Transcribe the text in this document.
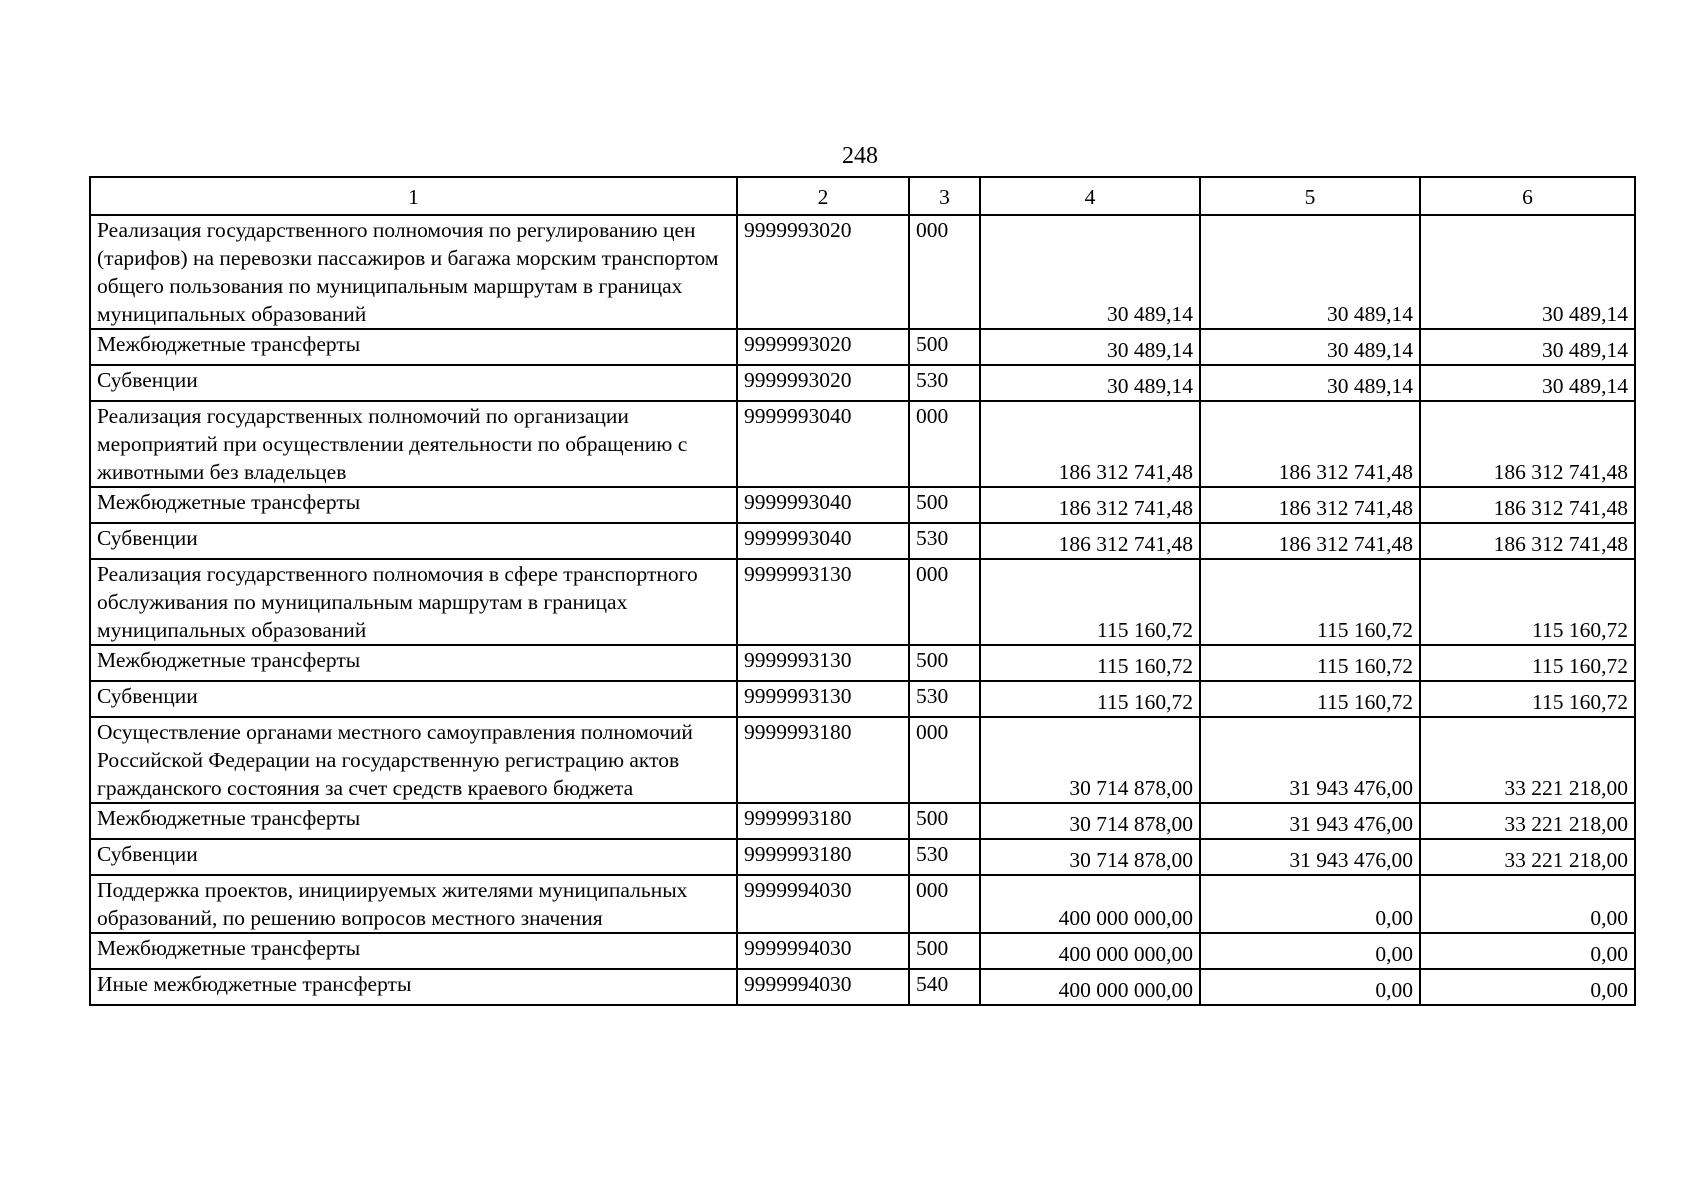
248
1	2	3	4	5	6
Реализация государственного полномочия по регулированию цен (тарифов) на перевозки пассажиров и багажа морским транспортом общего пользования по муниципальным маршрутам в границах муниципальных образований	9999993020	000	30 489,14	30 489,14	30 489,14
Межбюджетные трансферты	9999993020	500	30 489,14	30 489,14	30 489,14
Субвенции	9999993020	530	30 489,14	30 489,14	30 489,14
Реализация государственных полномочий по организации мероприятий при осуществлении деятельности по обращению с животными без владельцев	9999993040	000	186 312 741,48	186 312 741,48	186 312 741,48
Межбюджетные трансферты	9999993040	500	186 312 741,48	186 312 741,48	186 312 741,48
Субвенции	9999993040	530	186 312 741,48	186 312 741,48	186 312 741,48
Реализация государственного полномочия в сфере транспортного обслуживания по муниципальным маршрутам в границах муниципальных образований	9999993130	000	115 160,72	115 160,72	115 160,72
Межбюджетные трансферты	9999993130	500	115 160,72	115 160,72	115 160,72
Субвенции	9999993130	530	115 160,72	115 160,72	115 160,72
Осуществление органами местного самоуправления полномочий Российской Федерации на государственную регистрацию актов гражданского состояния за счет средств краевого бюджета	9999993180	000	30 714 878,00	31 943 476,00	33 221 218,00
Межбюджетные трансферты	9999993180	500	30 714 878,00	31 943 476,00	33 221 218,00
Субвенции	9999993180	530	30 714 878,00	31 943 476,00	33 221 218,00
Поддержка проектов, инициируемых жителями муниципальных образований, по решению вопросов местного значения	9999994030	000	400 000 000,00	0,00	0,00
Межбюджетные трансферты	9999994030	500	400 000 000,00	0,00	0,00
Иные межбюджетные трансферты	9999994030	540	400 000 000,00	0,00	0,00
